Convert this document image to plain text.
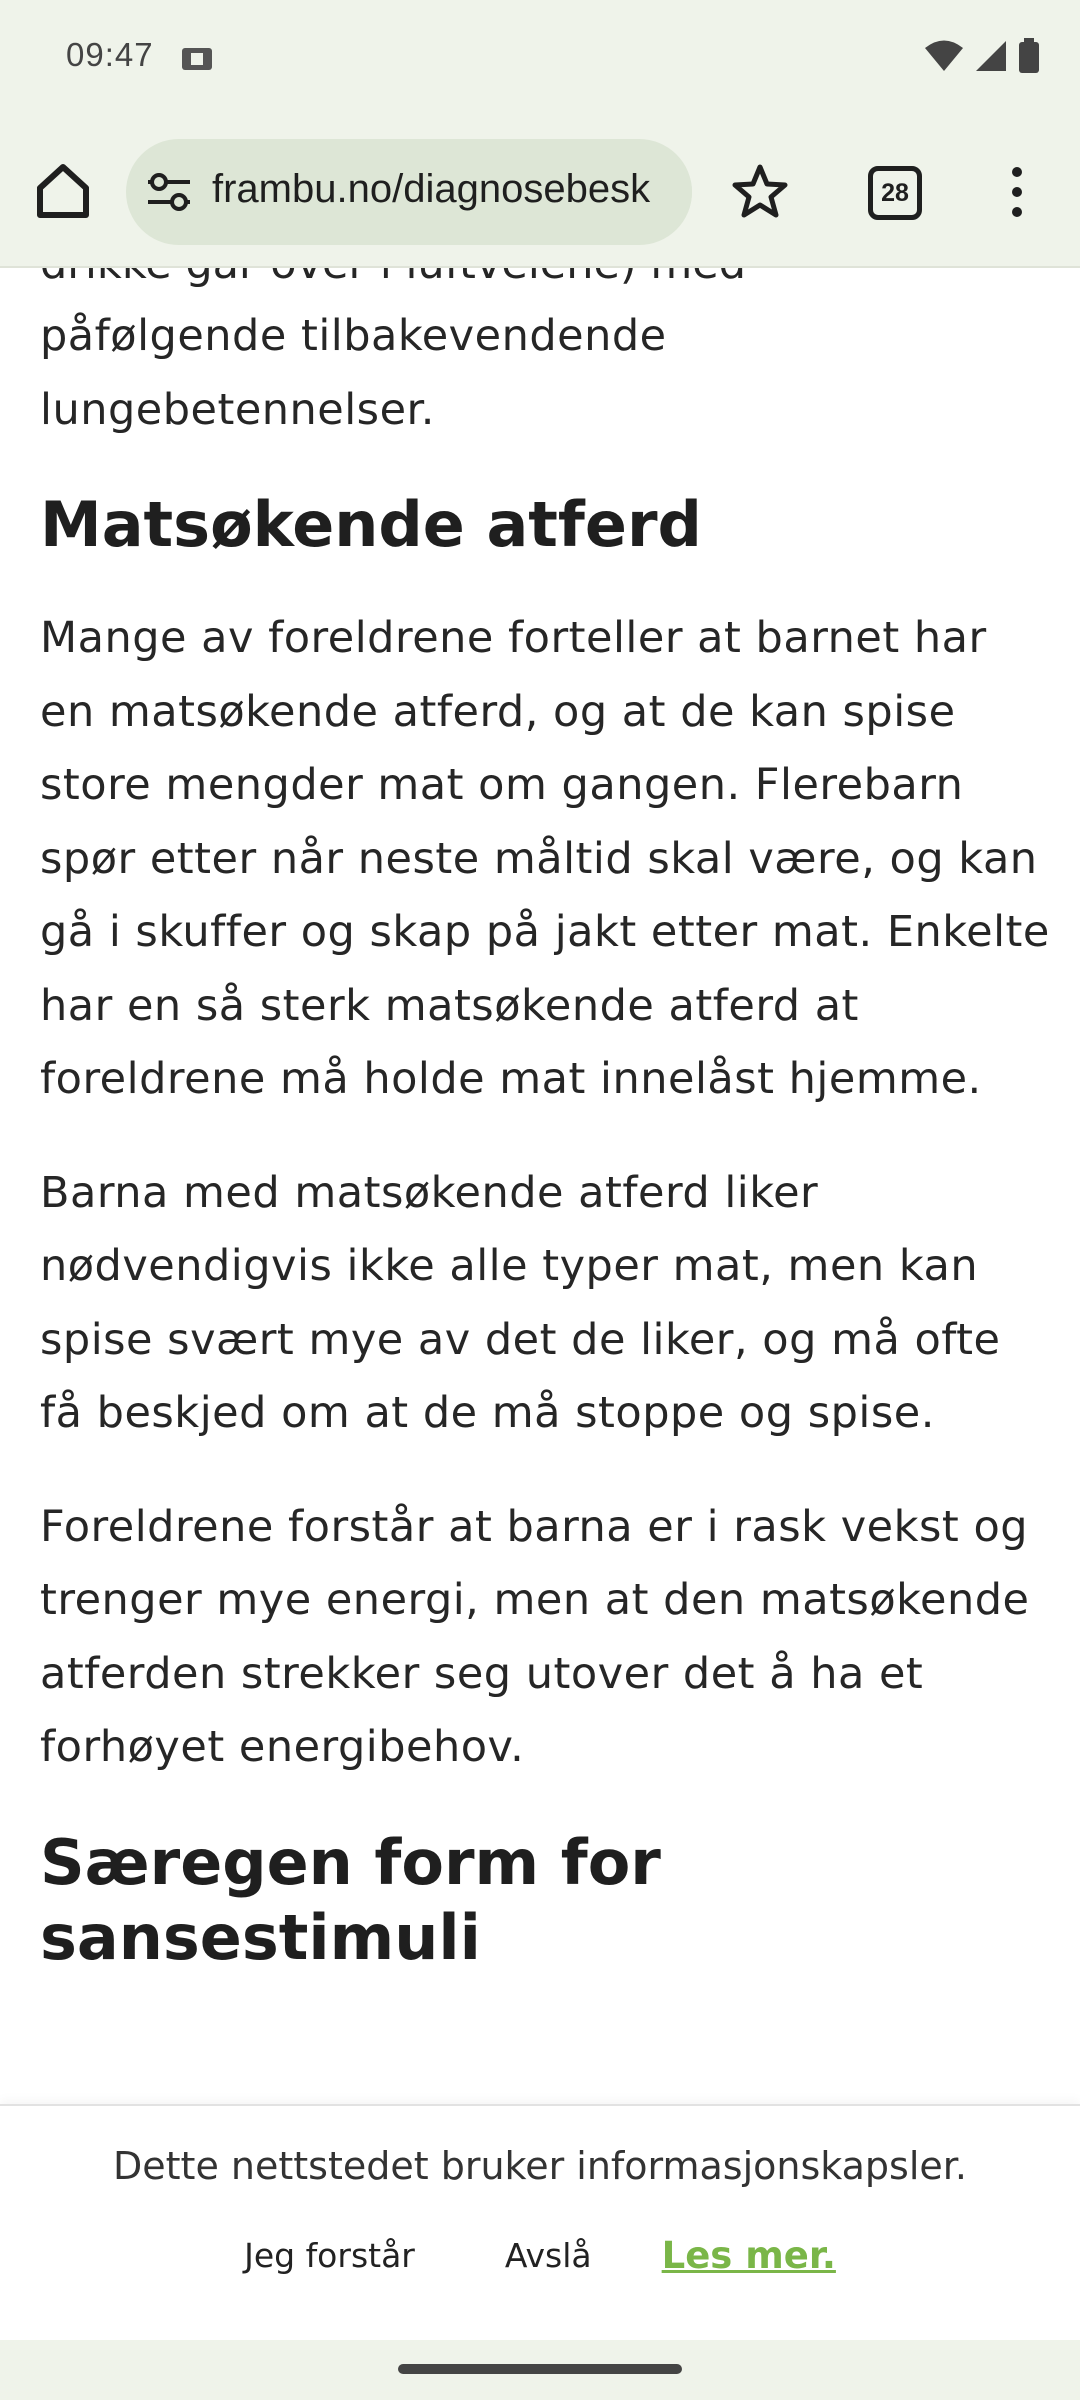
påfølgende tilbakevendende lungebetennelser.

Matsøkende atferd

Mange av foreldrene forteller at barnet har en matsøkende atferd, og at de kan spise store mengder mat om gangen. Flerebarn spør etter når neste måltid skal være, og kan gå i skuffer og skap på jakt etter mat. Enkelte har en så sterk matsøkende atferd at foreldrene må holde mat innelåst hjemme.

Barna med matsøkende atferd liker nødvendigvis ikke alle typer mat, men kan spise svært mye av det de liker, og må ofte få beskjed om at de må stoppe og spise.

Foreldrene forstår at barna er i rask vekst og trenger mye energi, men at den matsøkende atferden strekker seg utover det å ha et forhøyet energibehov.

Særegen form for sansestimuli
09:47
frambu.no/diagnosebesk	28
Dette nettstedet bruker informasjonskapsler.
Jeg forstår	Avslå Les mer.
